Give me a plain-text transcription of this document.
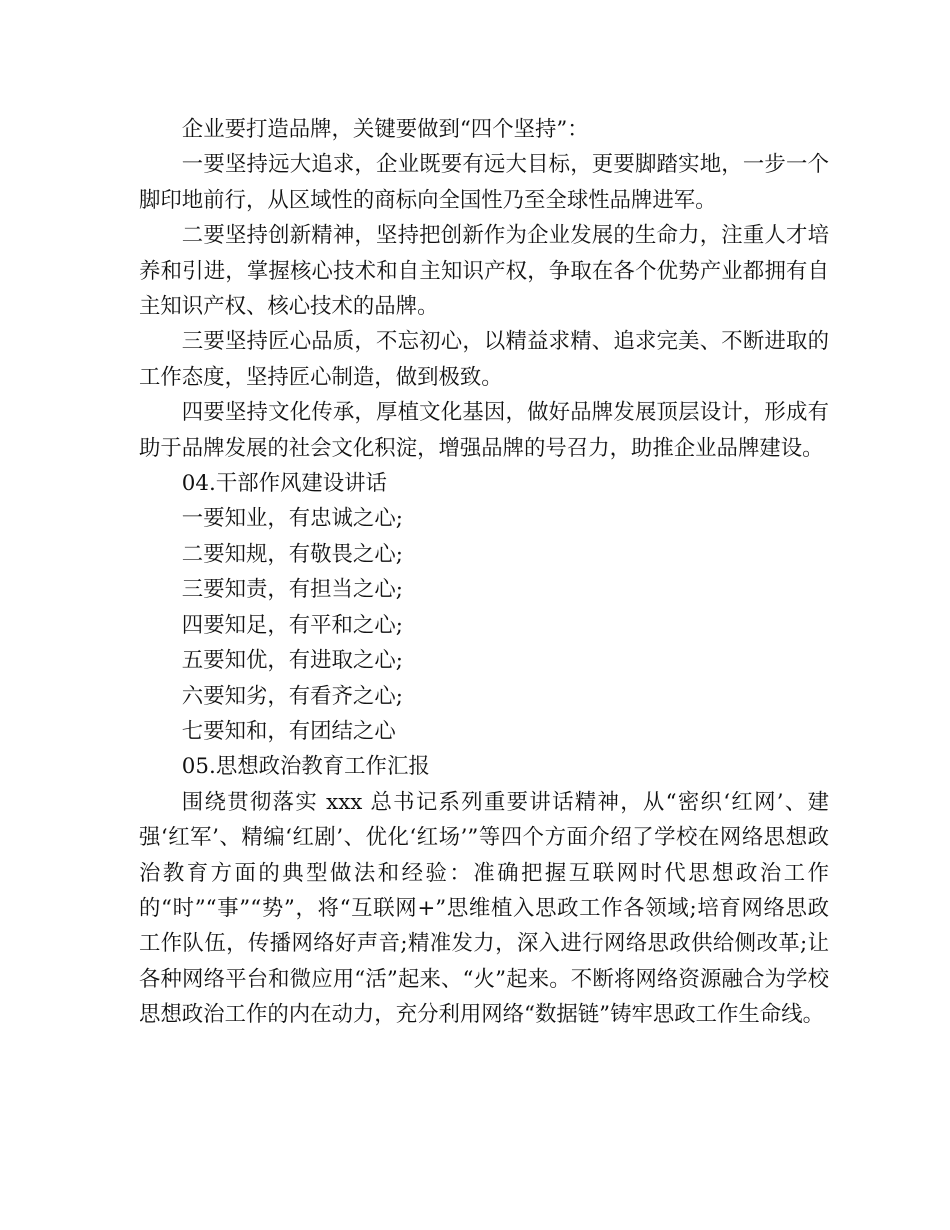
企业要打造品牌，关键要做到“四个坚持”：

一要坚持远大追求，企业既要有远大目标，更要脚踏实地，一步一个脚印地前行，从区域性的商标向全国性乃至全球性品牌进军。

二要坚持创新精神，坚持把创新作为企业发展的生命力，注重人才培养和引进，掌握核心技术和自主知识产权，争取在各个优势产业都拥有自主知识产权、核心技术的品牌。

三要坚持匠心品质，不忘初心，以精益求精、追求完美、不断进取的工作态度，坚持匠心制造，做到极致。

四要坚持文化传承，厚植文化基因，做好品牌发展顶层设计，形成有助于品牌发展的社会文化积淀，增强品牌的号召力，助推企业品牌建设。

04.干部作风建设讲话

一要知业，有忠诚之心;

二要知规，有敬畏之心;

三要知责，有担当之心;

四要知足，有平和之心;

五要知优，有进取之心;

六要知劣，有看齐之心;

七要知和，有团结之心

05.思想政治教育工作汇报

围绕贯彻落实 xxx 总书记系列重要讲话精神，从“密织‘红网’、建强‘红军’、精编‘红剧’、优化‘红场’”等四个方面介绍了学校在网络思想政治教育方面的典型做法和经验：准确把握互联网时代思想政治工作的“时”“事”“势”，将“互联网+”思维植入思政工作各领域;培育网络思政工作队伍，传播网络好声音;精准发力，深入进行网络思政供给侧改革;让各种网络平台和微应用“活”起来、“火”起来。不断将网络资源融合为学校思想政治工作的内在动力，充分利用网络“数据链”铸牢思政工作生命线。
